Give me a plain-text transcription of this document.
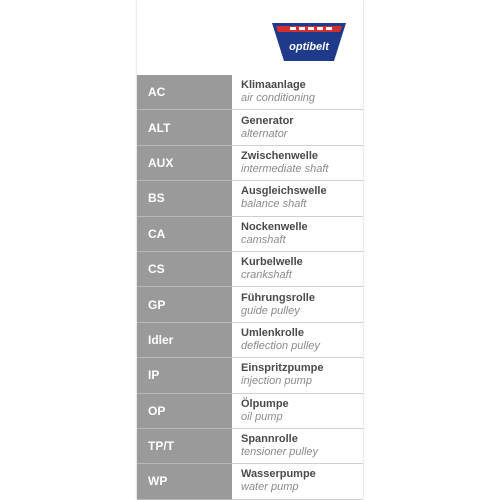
optibelt
AC	Klimaanlage
air conditioning
ALT	Generator
alternator
AUX	Zwischenwelle
intermediate shaft
BS	Ausgleichswelle
balance shaft
CA	Nockenwelle
camshaft
CS	Kurbelwelle
crankshaft
GP	Führungsrolle
guide pulley
Idler	Umlenkrolle
deflection pulley
IP	Einspritzpumpe
injection pump
OP	Ölpumpe
oil pump
TP/T	Spannrolle
tensioner pulley
WP	Wasserpumpe
water pump
